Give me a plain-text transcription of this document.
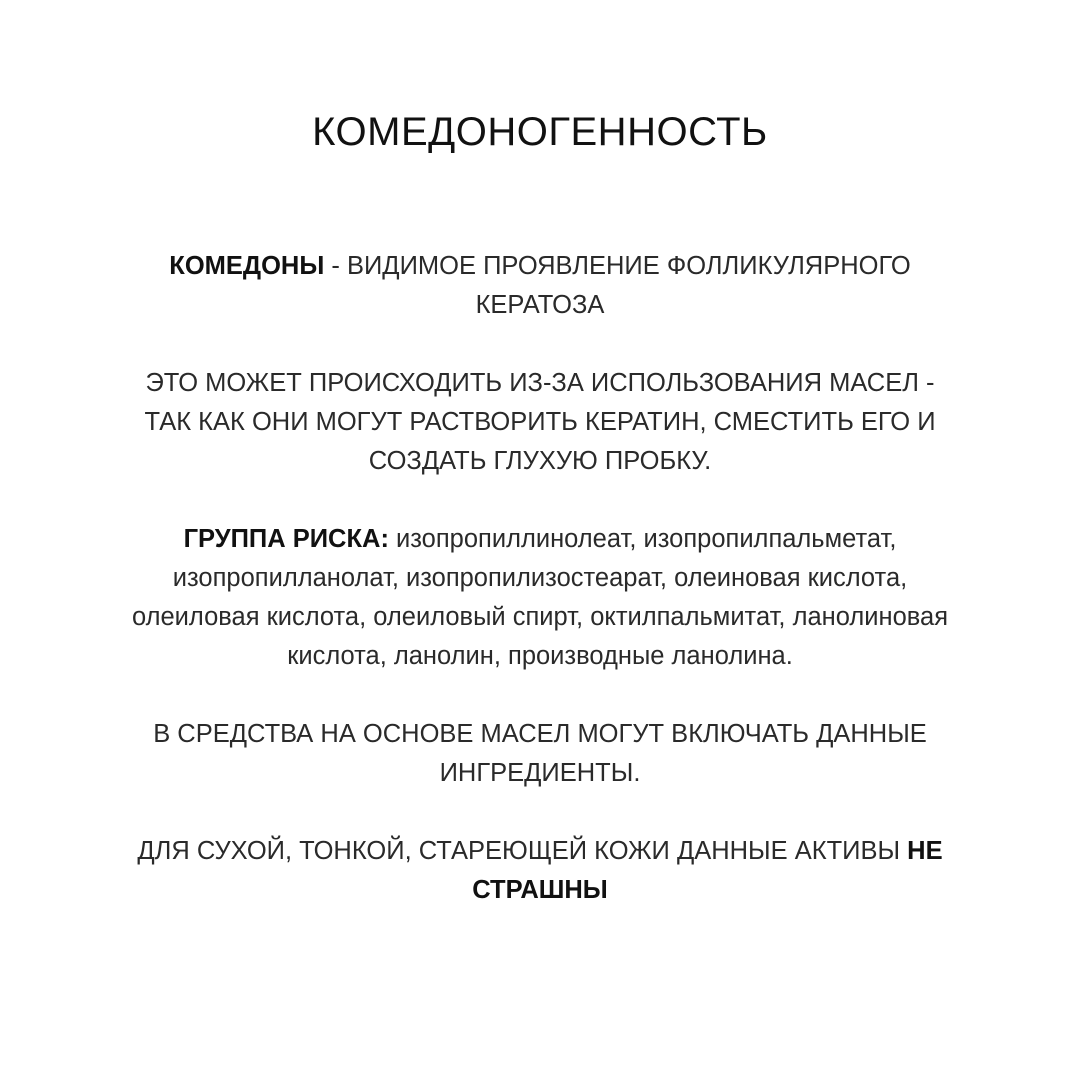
КОМЕДОНОГЕННОСТЬ

КОМЕДОНЫ - ВИДИМОЕ ПРОЯВЛЕНИЕ ФОЛЛИКУЛЯРНОГО КЕРАТОЗА

ЭТО МОЖЕТ ПРОИСХОДИТЬ ИЗ-ЗА ИСПОЛЬЗОВАНИЯ МАСЕЛ -
ТАК КАК ОНИ МОГУТ РАСТВОРИТЬ КЕРАТИН, СМЕСТИТЬ ЕГО И СОЗДАТЬ ГЛУХУЮ ПРОБКУ.

ГРУППА РИСКА: изопропиллинолеат, изопропилпальметат, изопропилланолат, изопропилизостеарат, олеиновая кислота, олеиловая кислота, олеиловый спирт, октилпальмитат, ланолиновая кислота, ланолин, производные ланолина.

В СРЕДСТВА НА ОСНОВЕ МАСЕЛ МОГУТ ВКЛЮЧАТЬ ДАННЫЕ ИНГРЕДИЕНТЫ.

ДЛЯ СУХОЙ, ТОНКОЙ, СТАРЕЮЩЕЙ КОЖИ ДАННЫЕ АКТИВЫ НЕ СТРАШНЫ
